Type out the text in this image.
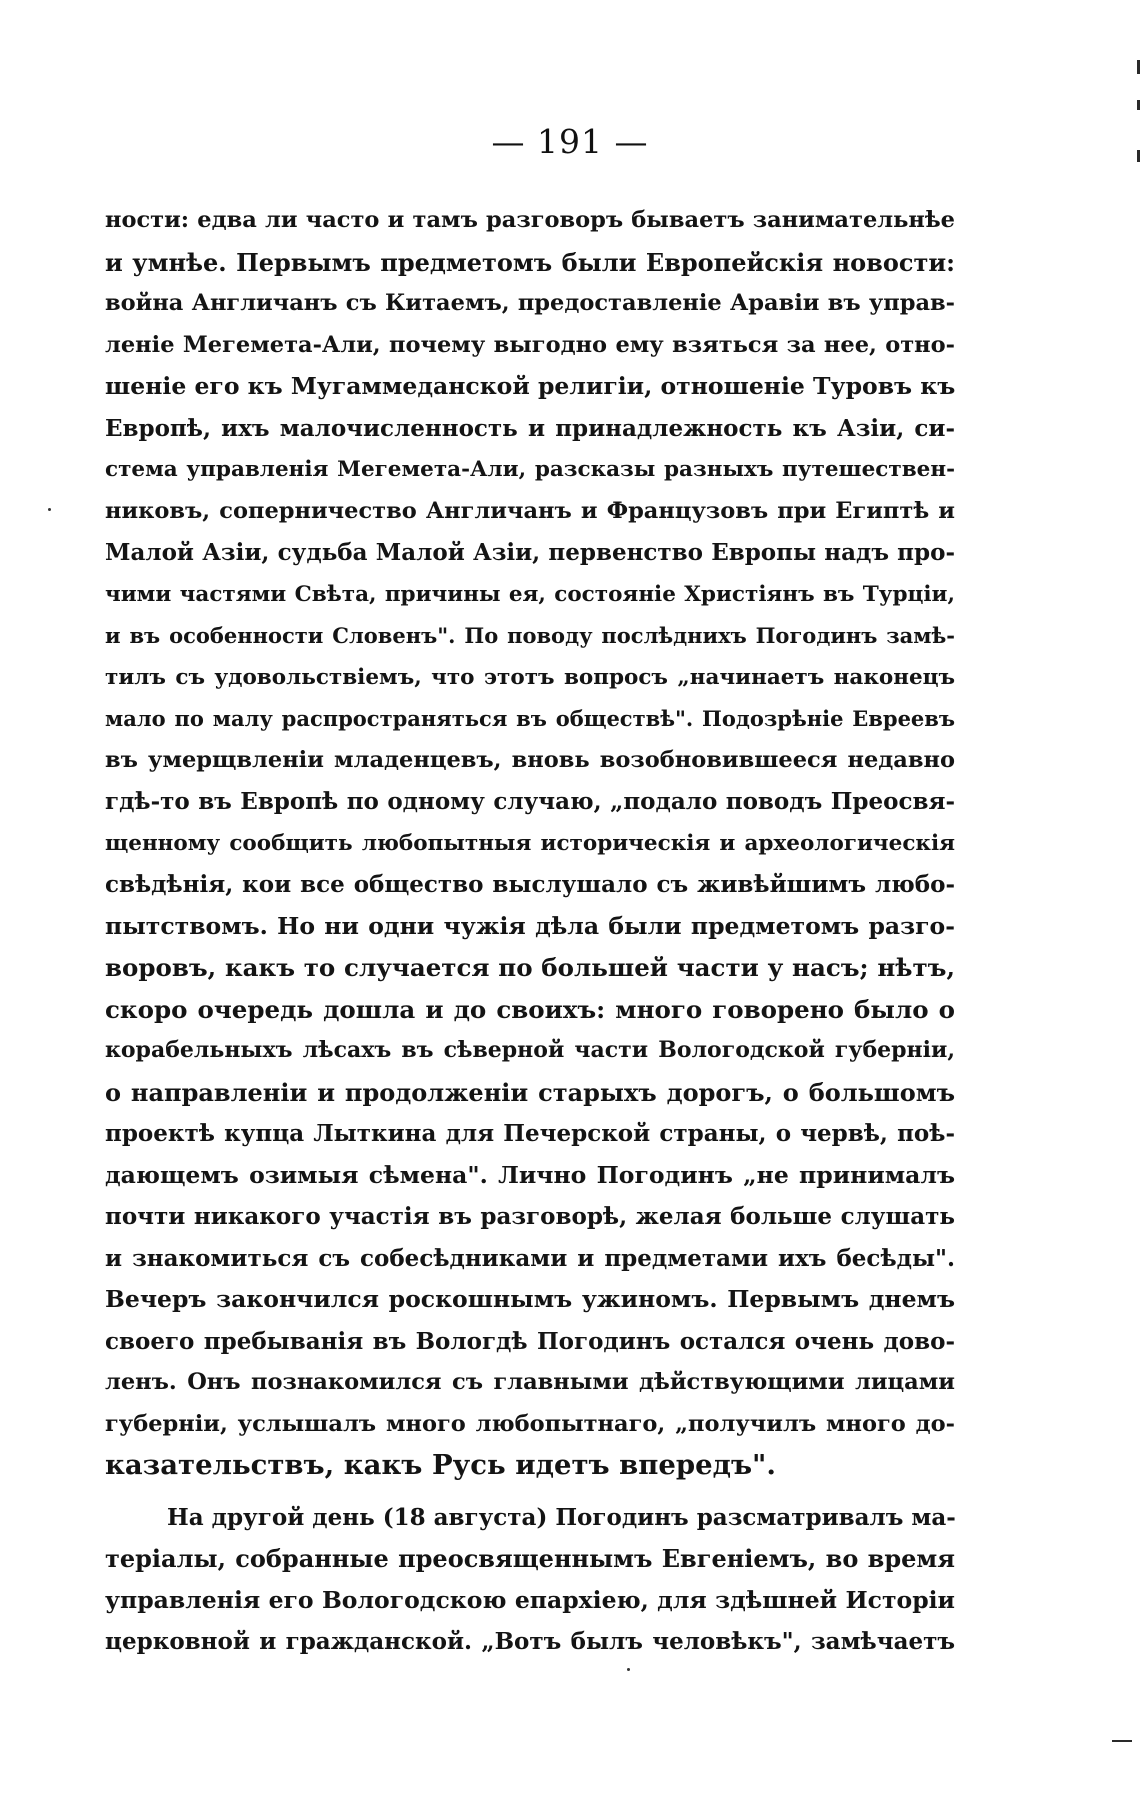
— 191 —
ности: едва ли часто и тамъ разговоръ бываетъ занимательнѣе
и умнѣе. Первымъ предметомъ были Европейскія новости:
война Англичанъ съ Китаемъ, предоставленіе Аравіи въ управ-
леніе Мегемета-Али, почему выгодно ему взяться за нее, отно-
шеніе его къ Мугаммеданской религіи, отношеніе Туровъ къ
Европѣ, ихъ малочисленность и принадлежность къ Азіи, си-
стема управленія Мегемета-Али, разсказы разныхъ путешествен-
никовъ, соперничество Англичанъ и Французовъ при Египтѣ и
Малой Азіи, судьба Малой Азіи, первенство Европы надъ про-
чими частями Свѣта, причины ея, состояніе Христіянъ въ Турціи,
и въ особенности Словенъ". По поводу послѣднихъ Погодинъ замѣ-
тилъ съ удовольствіемъ, что этотъ вопросъ „начинаетъ наконецъ
мало по малу распространяться въ обществѣ". Подозрѣніе Евреевъ
въ умерщвленіи младенцевъ, вновь возобновившееся недавно
гдѣ-то въ Европѣ по одному случаю, „подало поводъ Преосвя-
щенному сообщить любопытныя историческія и археологическія
свѣдѣнія, кои все общество выслушало съ живѣйшимъ любо-
пытствомъ. Но ни одни чужія дѣла были предметомъ разго-
воровъ, какъ то случается по большей части у насъ; нѣтъ,
скоро очередь дошла и до своихъ: много говорено было о
корабельныхъ лѣсахъ въ сѣверной части Вологодской губерніи,
о направленіи и продолженіи старыхъ дорогъ, о большомъ
проектѣ купца Лыткина для Печерской страны, о червѣ, поѣ-
дающемъ озимыя сѣмена". Лично Погодинъ „не принималъ
почти никакого участія въ разговорѣ, желая больше слушать
и знакомиться съ собесѣдниками и предметами ихъ бесѣды".
Вечеръ закончился роскошнымъ ужиномъ. Первымъ днемъ
своего пребыванія въ Вологдѣ Погодинъ остался очень дово-
ленъ. Онъ познакомился съ главными дѣйствующими лицами
губерніи, услышалъ много любопытнаго, „получилъ много до-
казательствъ, какъ Русь идетъ впередъ".
На другой день (18 августа) Погодинъ разсматривалъ ма-
теріалы, собранные преосвященнымъ Евгеніемъ, во время
управленія его Вологодскою епархіею, для здѣшней Исторіи
церковной и гражданской. „Вотъ былъ человѣкъ", замѣчаетъ
